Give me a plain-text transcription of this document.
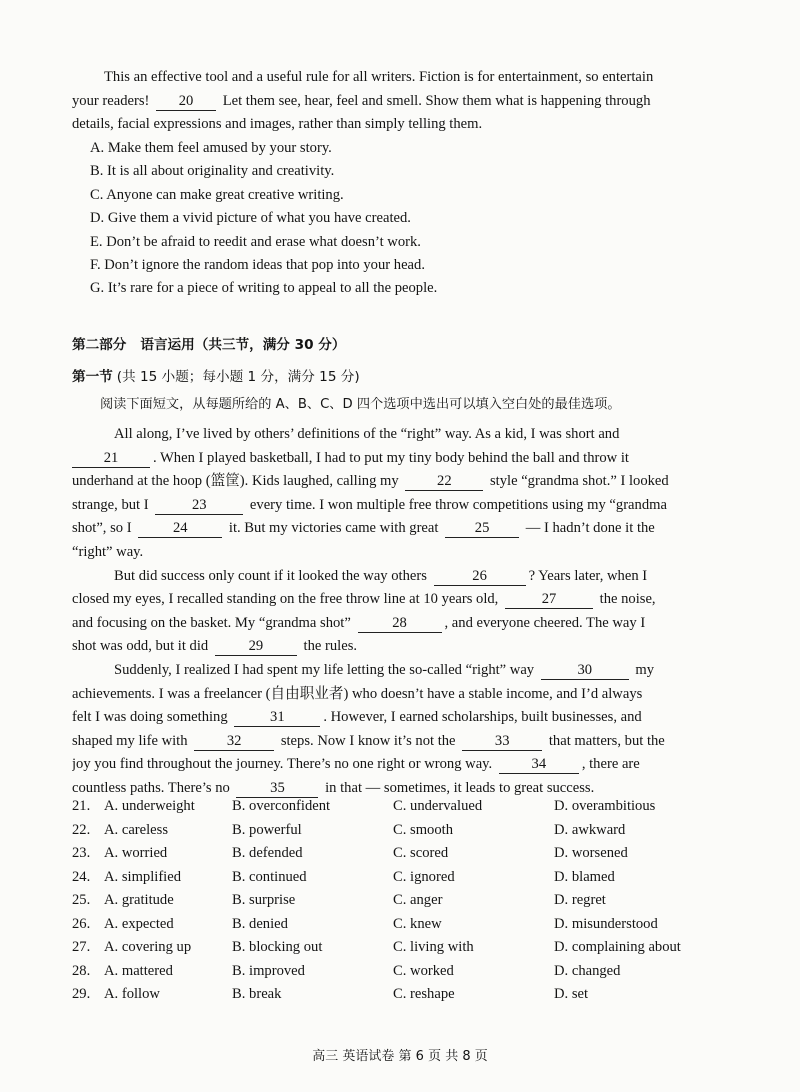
This an effective tool and a useful rule for all writers. Fiction is for entertainment, so entertain
your readers! 20 Let them see, hear, feel and smell. Show them what is happening through
details, facial expressions and images, rather than simply telling them.
A. Make them feel amused by your story.
B. It is all about originality and creativity.
C. Anyone can make great creative writing.
D. Give them a vivid picture of what you have created.
E. Don’t be afraid to reedit and erase what doesn’t work.
F. Don’t ignore the random ideas that pop into your head.
G. It’s rare for a piece of writing to appeal to all the people.
第二部分 语言运用（共三节，满分 30 分）
第一节 (共 15 小题；每小题 1 分，满分 15 分)
阅读下面短文，从每题所给的 A、B、C、D 四个选项中选出可以填入空白处的最佳选项。
All along, I’ve lived by others’ definitions of the “right” way. As a kid, I was short and
21 . When I played basketball, I had to put my tiny body behind the ball and throw it
underhand at the hoop (篮筐). Kids laughed, calling my	22	style “grandma shot.” I looked
strange, but I	23	every time. I won multiple free throw competitions using my “grandma
shot”, so I	24	it. But my victories came with great 25 — I hadn’t done it the
“right” way.
But did success only count if it looked the way others	26	? Years later, when I
closed my eyes, I recalled standing on the free throw line at 10 years old,	27	the noise,
and focusing on the basket. My “grandma shot”	28	, and everyone cheered. The way I
shot was odd, but it did	29	the rules.
Suddenly, I realized I had spent my life letting the so-called “right” way	30	my
achievements. I was a freelancer (自由职业者) who doesn’t have a stable income, and I’d always
felt I was doing something	31	. However, I earned scholarships, built businesses, and
shaped my life with	32	steps. Now I know it’s not the	33	that matters, but the
joy you find throughout the journey. There’s no one right or wrong way.	34 , there are
countless paths. There’s no	35	in that — sometimes, it leads to great success.
21. A. underweight	B. overconfident	C. undervalued	D. overambitious
22. A. careless	B. powerful	C. smooth	D. awkward
23. A. worried	B. defended	C. scored	D. worsened
24. A. simplified	B. continued	C. ignored	D. blamed
25. A. gratitude	B. surprise	C. anger	D. regret
26. A. expected	B. denied	C. knew	D. misunderstood
27. A. covering up	B. blocking out	C. living with	D. complaining about
28. A. mattered	B. improved	C. worked	D. changed
29. A. follow	B. break	C. reshape	D. set
高三 英语试卷 第 6 页 共 8 页
